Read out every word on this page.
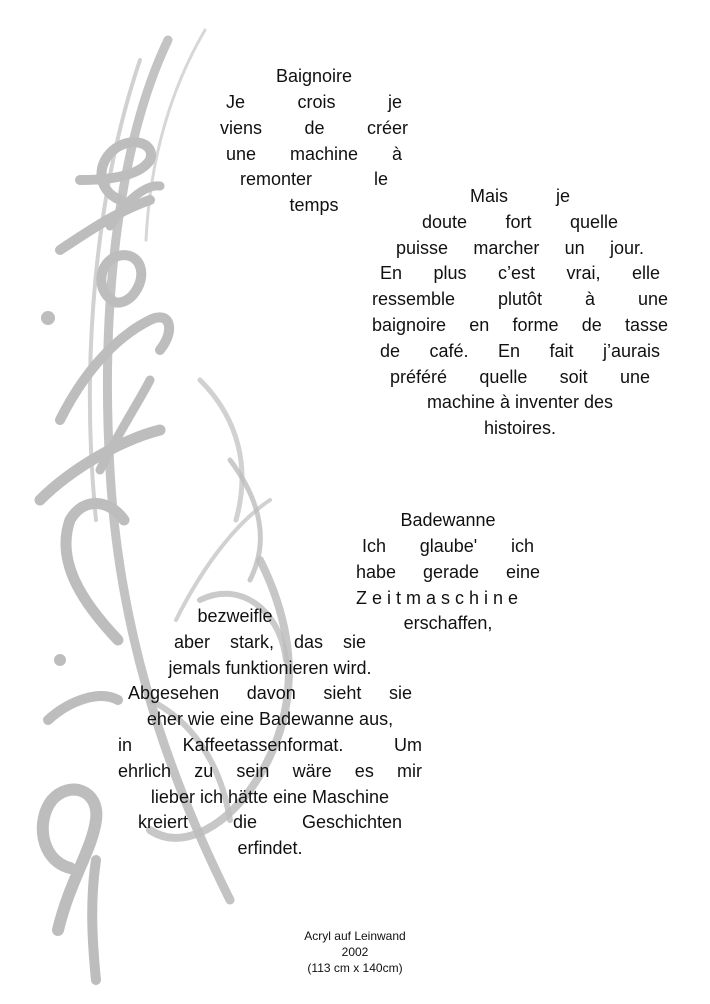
Baignoire
Je crois je
viens de créer
une machine à
remonter le
temps	Mais je
doute fort quelle
puisse marcher un jour.
En plus c’est vrai, elle
ressemble plutôt à une
baignoire en forme de tasse
de café. En fait j’aurais
préféré quelle soit une
machine à inventer des
histoires.
Badewanne
Ich glaube' ich
habe gerade eine
Zeitmaschine
erschaffen,
bezweifle
aber stark, das sie
jemals funktionieren wird.
Abgesehen davon sieht sie
eher wie eine Badewanne aus,
in Kaffeetassenformat. Um
ehrlich zu sein wäre es mir
lieber ich hätte eine Maschine
kreiert die Geschichten
erfindet.
Acryl auf Leinwand
2002
(113 cm x 140cm)
